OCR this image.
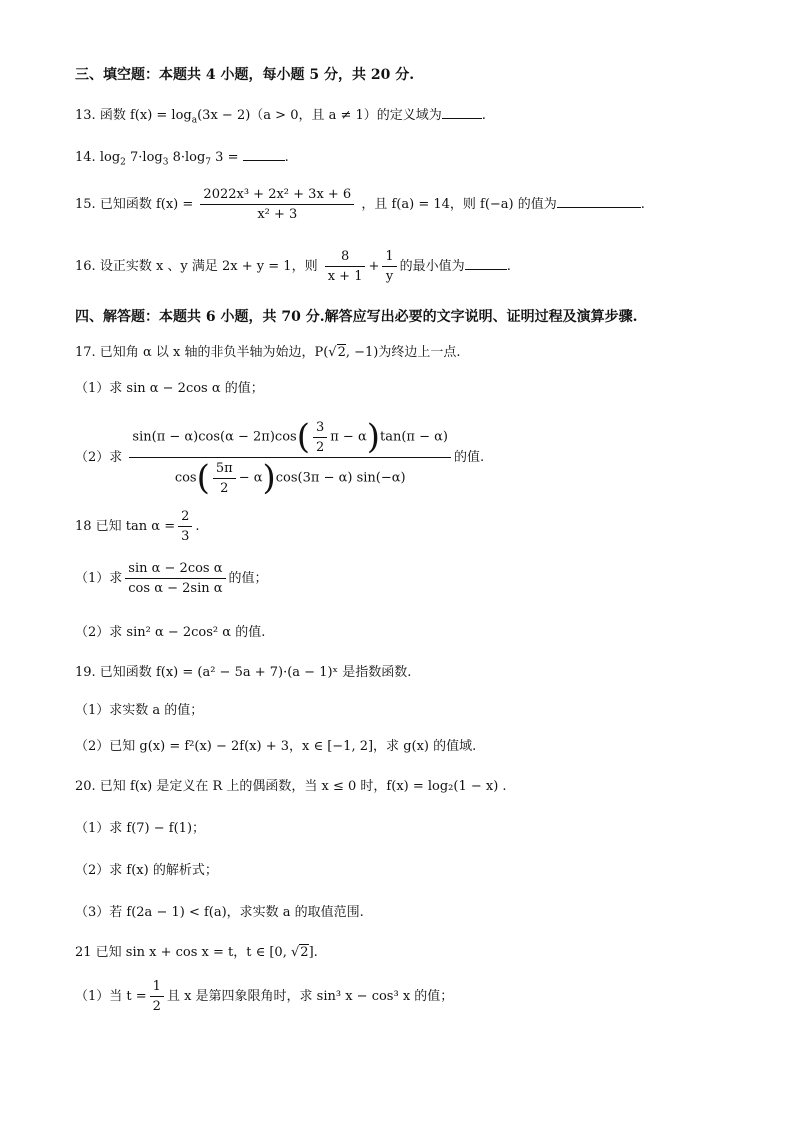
三、填空题：本题共 4 小题，每小题 5 分，共 20 分.
13. 函数 $f(x) = \log_a(3x - 2)(a > 0$，且 a ≠ 1）的定义域为	.
14. $\log_2 7\cdot\log_3$ $8\cdot\log_7$ 3 =	.
15. 已知函数 $f(x) = \frac{\text{2022x³ + 2x² + 3x + 6}}{\text{x² + 3}}$ ，且 f(a) = 14，则 f(−a) 的值为	.
16. 设正实数 x 、y 满足 2x + y = 1，则 $\frac{8}{x + 1} + \frac{1}{y}$ 的最小值为	.
四、解答题：本题共 6 小题，共 70 分.解答应写出必要的文字说明、证明过程及演算步骤.
17. 已知角 α 以 x 轴的非负半轴为始边，P(√2, −1)为终边上一点.
（1）求 sin α − 2cos α 的值；
（2）求 $\frac{\sin(\pi - \alpha)\cos(\alpha - 2\pi)\cos( \frac{3}{2} \pi - \alpha)\tan(\pi - \alpha)}{\cos( \frac{5\pi}{2} - \alpha)\cos(3\pi - \alpha) \sin(-\alpha)}$ 的值.
18 已知 $\tan \alpha = \frac{2}{3}$ .
（1）求 $\frac{\text{sin α − 2cos α}}{\text{cos α − 2sin α}}$ 的值；
（2）求 sin² α − 2cos² α 的值.
19. 已知函数 f(x) = (a² − 5a + 7)·(a − 1)ˣ 是指数函数.
（1）求实数 a 的值；
（2）已知 g(x) = f²(x) − 2f(x) + 3，x ∈ [−1, 2]，求 g(x) 的值域.
20. 已知 f(x) 是定义在 R 上的偶函数，当 x ≤ 0 时，f(x) = log₂(1 − x) .
（1）求 f(7) − f(1)；
（2）求 f(x) 的解析式；
（3）若 f(2a − 1) < f(a)，求实数 a 的取值范围.
21 已知 sin x + cos x = t，t ∈ [0, √2].
（1）当 $t = \frac{1}{2}$ 且 x 是第四象限角时，求 sin³ x − cos³ x 的值；
